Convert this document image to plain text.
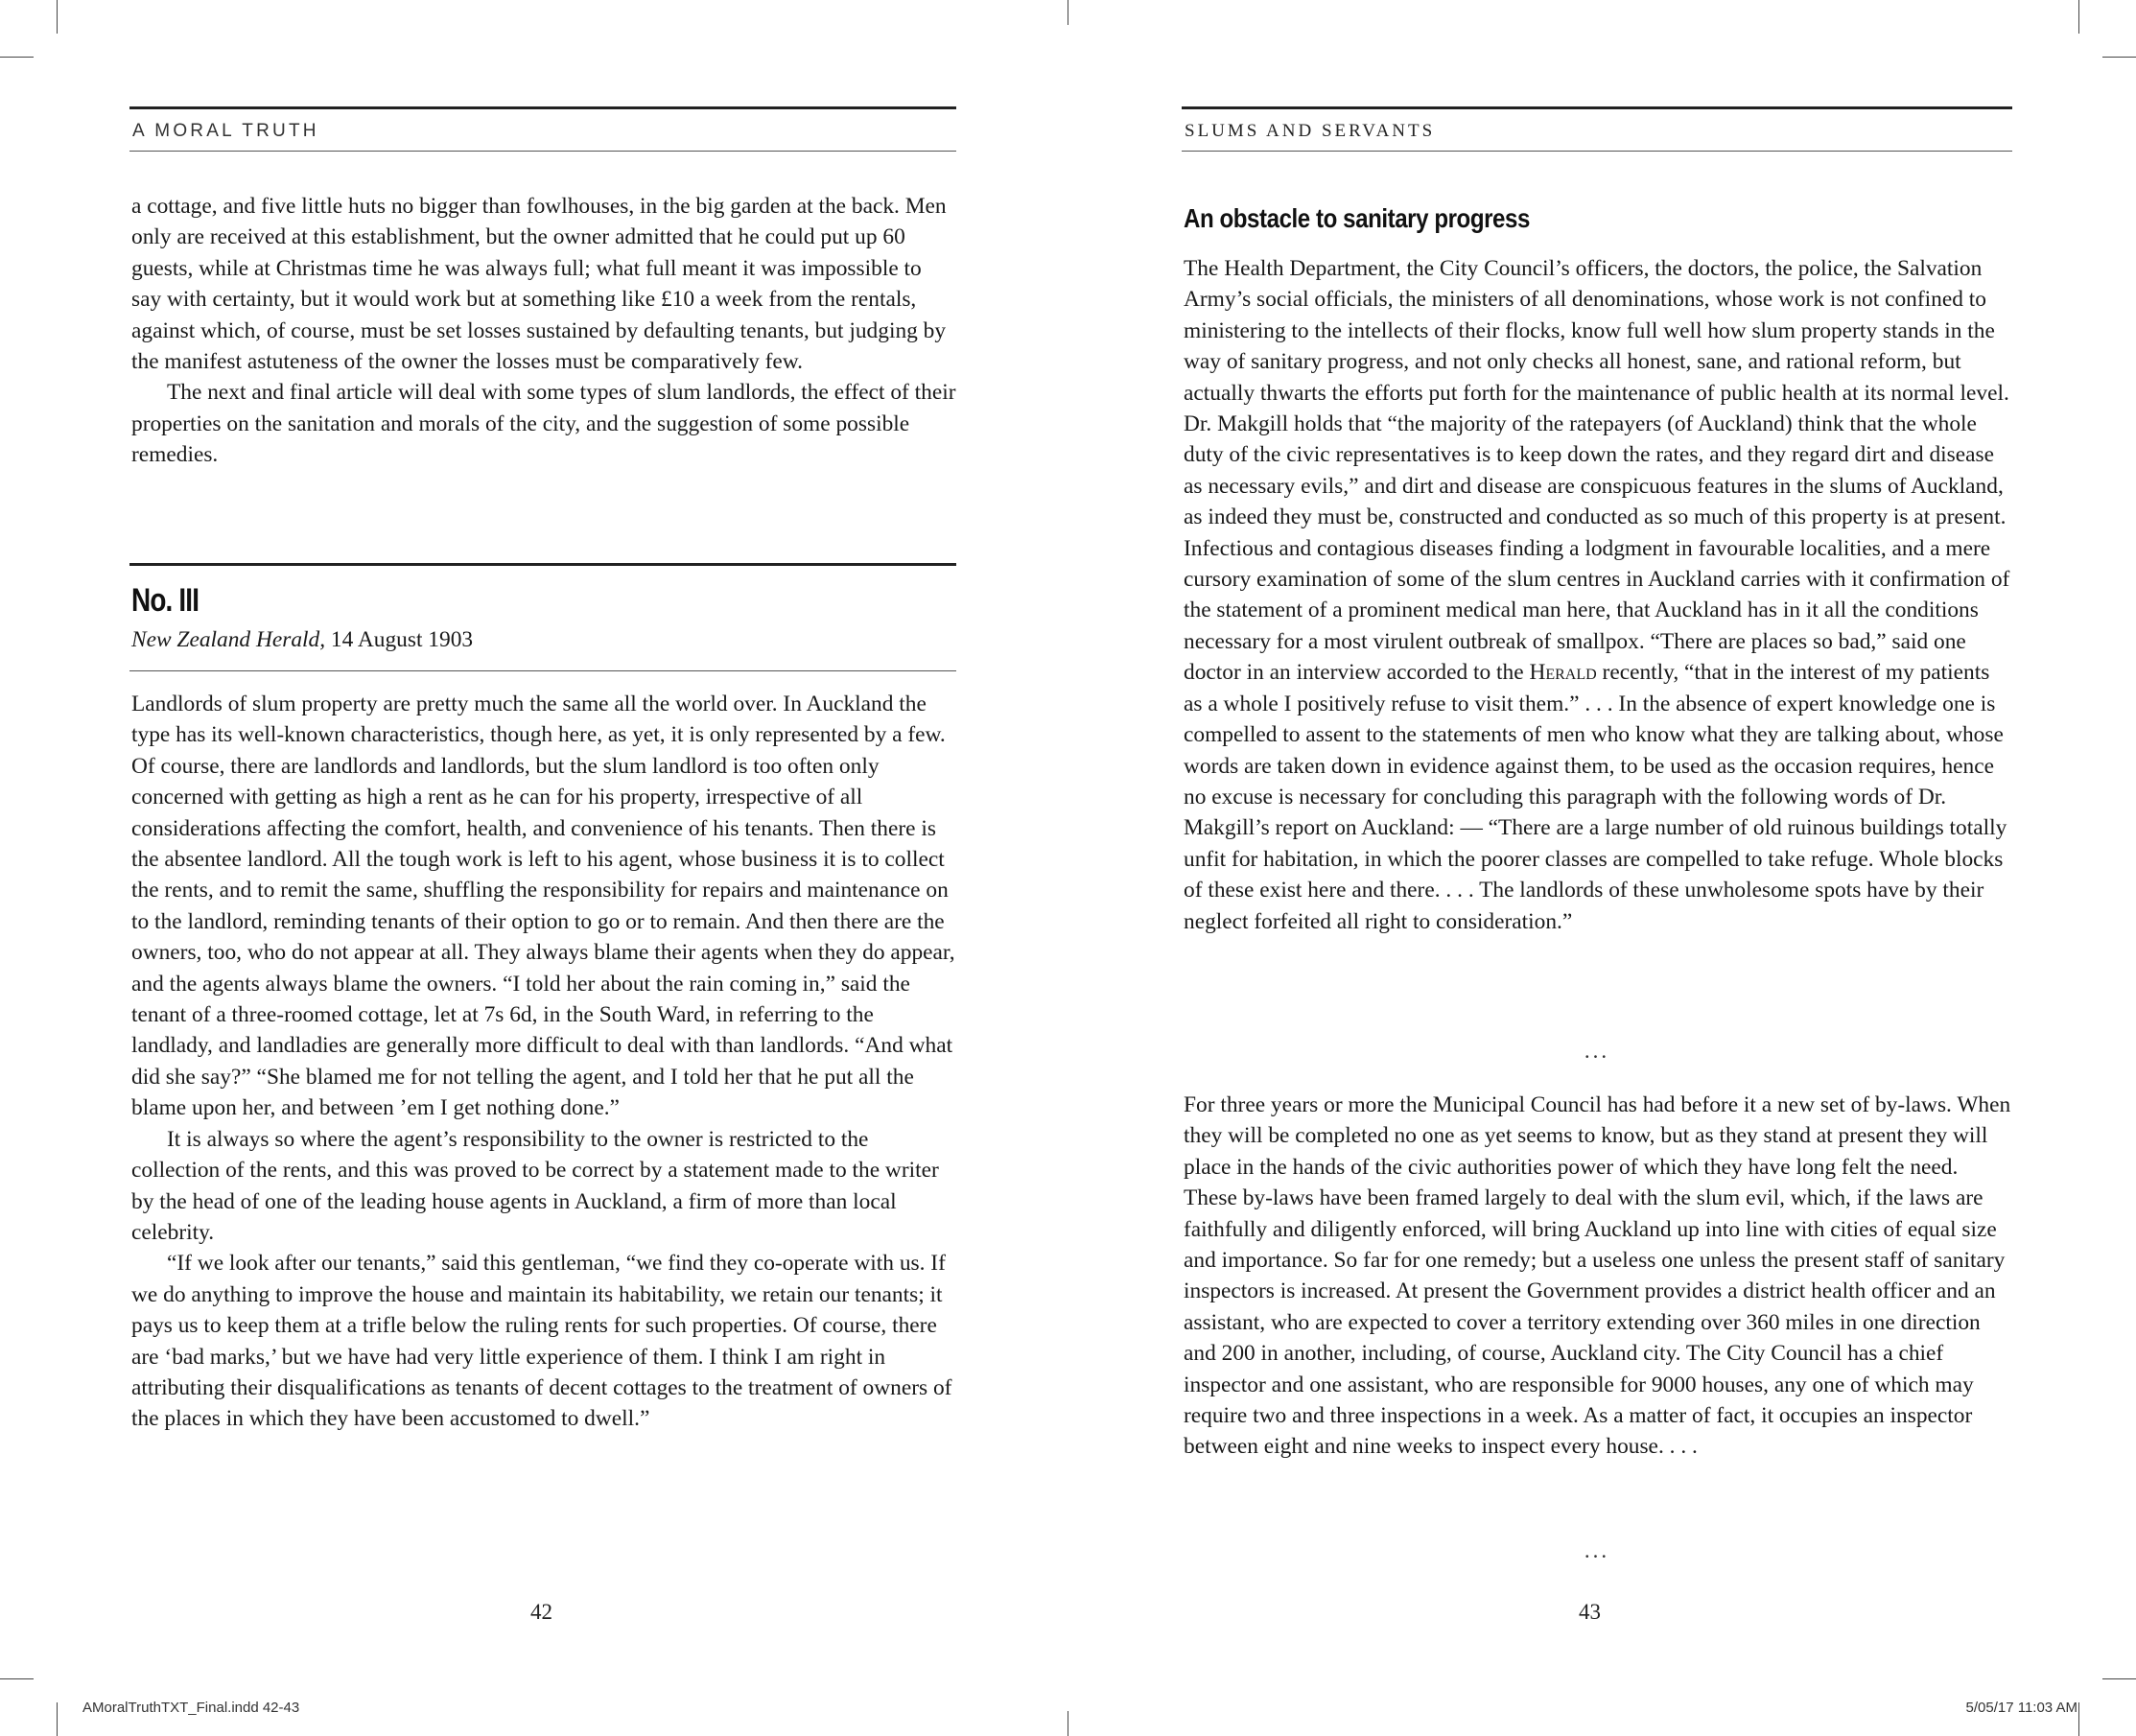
A MORAL TRUTH

a cottage, and five little huts no bigger than fowlhouses, in the big garden at the back. Men only are received at this establishment, but the owner admitted that he could put up 60 guests, while at Christmas time he was always full; what full meant it was impossible to say with certainty, but it would work but at something like £10 a week from the rentals, against which, of course, must be set losses sustained by defaulting tenants, but judging by the manifest astuteness of the owner the losses must be comparatively few.

The next and final article will deal with some types of slum landlords, the effect of their properties on the sanitation and morals of the city, and the suggestion of some possible remedies.

No. III
New Zealand Herald, 14 August 1903

Landlords of slum property are pretty much the same all the world over. In Auckland the type has its well-known characteristics, though here, as yet, it is only represented by a few. Of course, there are landlords and landlords, but the slum landlord is too often only concerned with getting as high a rent as he can for his property, irrespective of all considerations affecting the comfort, health, and convenience of his tenants. Then there is the absentee landlord. All the tough work is left to his agent, whose business it is to collect the rents, and to remit the same, shuffling the responsibility for repairs and maintenance on to the landlord, reminding tenants of their option to go or to remain. And then there are the owners, too, who do not appear at all. They always blame their agents when they do appear, and the agents always blame the owners. “I told her about the rain coming in,” said the tenant of a three-roomed cottage, let at 7s 6d, in the South Ward, in referring to the landlady, and landladies are generally more difficult to deal with than landlords. “And what did she say?” “She blamed me for not telling the agent, and I told her that he put all the blame upon her, and between ’em I get nothing done.”

It is always so where the agent’s responsibility to the owner is restricted to the collection of the rents, and this was proved to be correct by a statement made to the writer by the head of one of the leading house agents in Auckland, a firm of more than local celebrity.

“If we look after our tenants,” said this gentleman, “we find they co-operate with us. If we do anything to improve the house and maintain its habitability, we retain our tenants; it pays us to keep them at a trifle below the ruling rents for such properties. Of course, there are ‘bad marks,’ but we have had very little experience of them. I think I am right in attributing their disqualifications as tenants of decent cottages to the treatment of owners of the places in which they have been accustomed to dwell.”

42
SLUMS AND SERVANTS
An obstacle to sanitary progress

The Health Department, the City Council’s officers, the doctors, the police, the Salvation Army’s social officials, the ministers of all denominations, whose work is not confined to ministering to the intellects of their flocks, know full well how slum property stands in the way of sanitary progress, and not only checks all honest, sane, and rational reform, but actually thwarts the efforts put forth for the maintenance of public health at its normal level. Dr. Makgill holds that “the majority of the ratepayers (of Auckland) think that the whole duty of the civic representatives is to keep down the rates, and they regard dirt and disease as necessary evils,” and dirt and disease are conspicuous features in the slums of Auckland, as indeed they must be, constructed and conducted as so much of this property is at present. Infectious and contagious diseases finding a lodgment in favourable localities, and a mere cursory examination of some of the slum centres in Auckland carries with it confirmation of the statement of a prominent medical man here, that Auckland has in it all the conditions necessary for a most virulent outbreak of smallpox. “There are places so bad,” said one doctor in an interview accorded to the Herald recently, “that in the interest of my patients as a whole I positively refuse to visit them.” . . . In the absence of expert knowledge one is compelled to assent to the statements of men who know what they are talking about, whose words are taken down in evidence against them, to be used as the occasion requires, hence no excuse is necessary for concluding this paragraph with the following words of Dr. Makgill’s report on Auckland: — “There are a large number of old ruinous buildings totally unfit for habitation, in which the poorer classes are compelled to take refuge. Whole blocks of these exist here and there. . . . The landlords of these unwholesome spots have by their neglect forfeited all right to consideration.”

...

For three years or more the Municipal Council has had before it a new set of by-laws. When they will be completed no one as yet seems to know, but as they stand at present they will place in the hands of the civic authorities power of which they have long felt the need. These by-laws have been framed largely to deal with the slum evil, which, if the laws are faithfully and diligently enforced, will bring Auckland up into line with cities of equal size and importance. So far for one remedy; but a useless one unless the present staff of sanitary inspectors is increased. At present the Government provides a district health officer and an assistant, who are expected to cover a territory extending over 360 miles in one direction and 200 in another, including, of course, Auckland city. The City Council has a chief inspector and one assistant, who are responsible for 9000 houses, any one of which may require two and three inspections in a week. As a matter of fact, it occupies an inspector between eight and nine weeks to inspect every house. . . .

...
43
AMoralTruthTXT_Final.indd 42-43	5/05/17 11:03 AM
